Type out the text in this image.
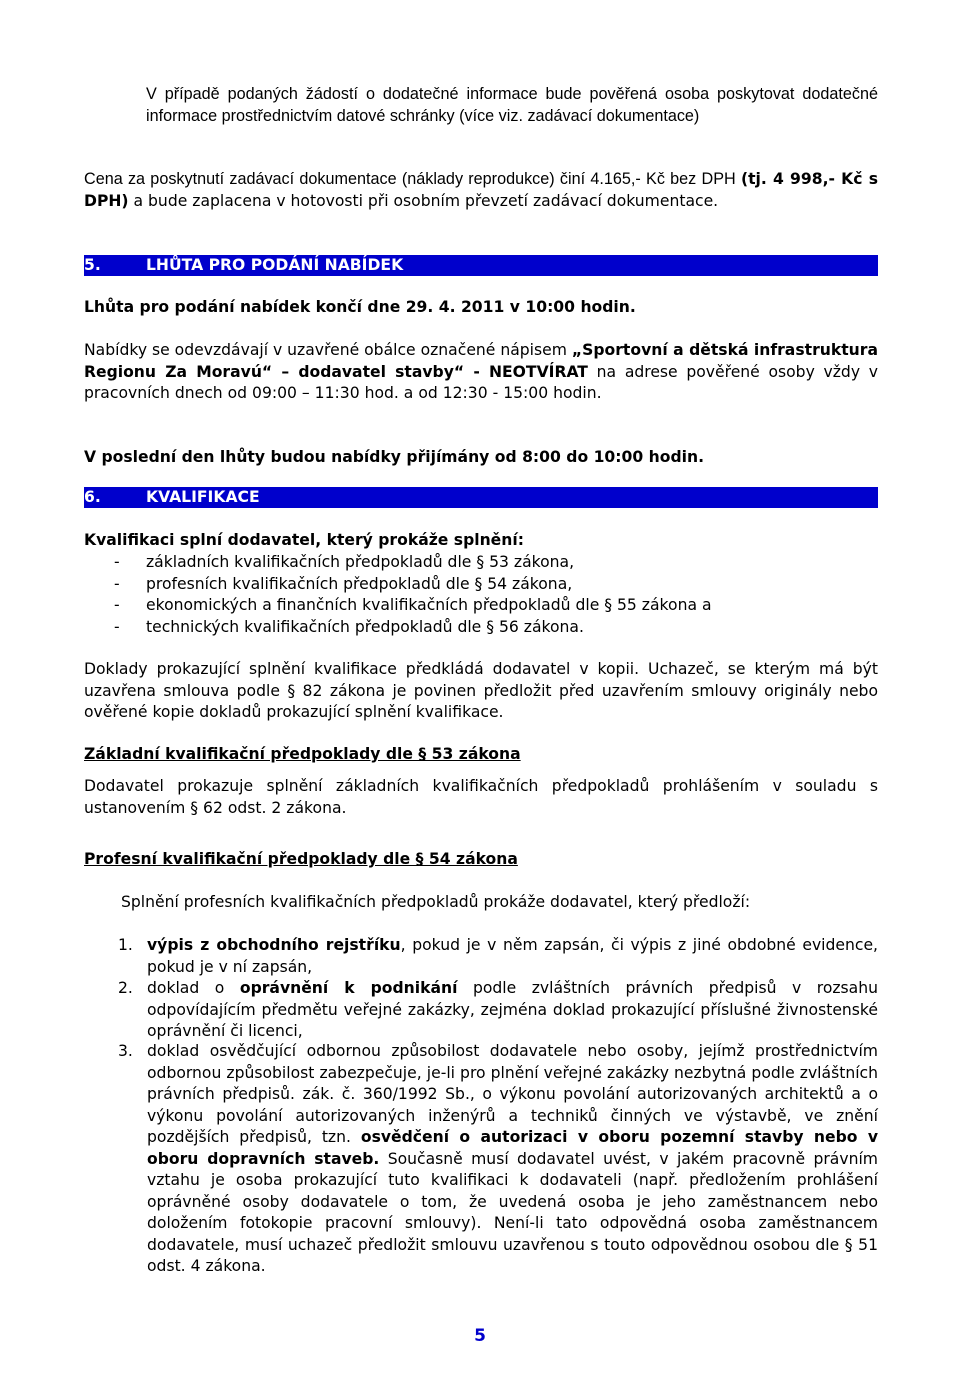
V případě podaných žádostí o dodatečné informace bude pověřená osoba poskytovat dodatečné informace prostřednictvím datové schránky (více viz. zadávací dokumentace)
Cena za poskytnutí zadávací dokumentace (náklady reprodukce) činí 4.165,- Kč bez DPH (tj. 4 998,- Kč s DPH) a bude zaplacena v hotovosti při osobním převzetí zadávací dokumentace.
5.	LHŮTA PRO PODÁNÍ NABÍDEK
Lhůta pro podání nabídek končí dne 29. 4. 2011 v 10:00 hodin.
Nabídky se odevzdávají v uzavřené obálce označené nápisem „Sportovní a dětská infrastruktura Regionu Za Moravú“ – dodavatel stavby“ - NEOTVÍRAT na adrese pověřené osoby vždy v pracovních dnech od 09:00 – 11:30 hod. a od 12:30 - 15:00 hodin.
V poslední den lhůty budou nabídky přijímány od 8:00 do 10:00 hodin.
6.	KVALIFIKACE
Kvalifikaci splní dodavatel, který prokáže splnění:
- základních kvalifikačních předpokladů dle § 53 zákona,
- profesních kvalifikačních předpokladů dle § 54 zákona,
- ekonomických a finančních kvalifikačních předpokladů dle § 55 zákona a
- technických kvalifikačních předpokladů dle § 56 zákona.
Doklady prokazující splnění kvalifikace předkládá dodavatel v kopii. Uchazeč, se kterým má být uzavřena smlouva podle § 82 zákona je povinen předložit před uzavřením smlouvy originály nebo ověřené kopie dokladů prokazující splnění kvalifikace.
Základní kvalifikační předpoklady dle § 53 zákona
Dodavatel prokazuje splnění základních kvalifikačních předpokladů prohlášením v souladu s ustanovením § 62 odst. 2 zákona.
Profesní kvalifikační předpoklady dle § 54 zákona
Splnění profesních kvalifikačních předpokladů prokáže dodavatel, který předloží:
1. výpis z obchodního rejstříku, pokud je v něm zapsán, či výpis z jiné obdobné evidence, pokud je v ní zapsán,
2. doklad o oprávnění k podnikání podle zvláštních právních předpisů v rozsahu odpovídajícím předmětu veřejné zakázky, zejména doklad prokazující příslušné živnostenské oprávnění či licenci,
3. doklad osvědčující odbornou způsobilost dodavatele nebo osoby, jejímž prostřednictvím odbornou způsobilost zabezpečuje, je-li pro plnění veřejné zakázky nezbytná podle zvláštních právních předpisů. zák. č. 360/1992 Sb., o výkonu povolání autorizovaných architektů a o výkonu povolání autorizovaných inženýrů a techniků činných ve výstavbě, ve znění pozdějších předpisů, tzn. osvědčení o autorizaci v oboru pozemní stavby nebo v oboru dopravních staveb. Současně musí dodavatel uvést, v jakém pracovně právním vztahu je osoba prokazující tuto kvalifikaci k dodavateli (např. předložením prohlášení oprávněné osoby dodavatele o tom, že uvedená osoba je jeho zaměstnancem nebo doložením fotokopie pracovní smlouvy). Není-li tato odpovědná osoba zaměstnancem dodavatele, musí uchazeč předložit smlouvu uzavřenou s touto odpovědnou osobou dle § 51 odst. 4 zákona.
5
